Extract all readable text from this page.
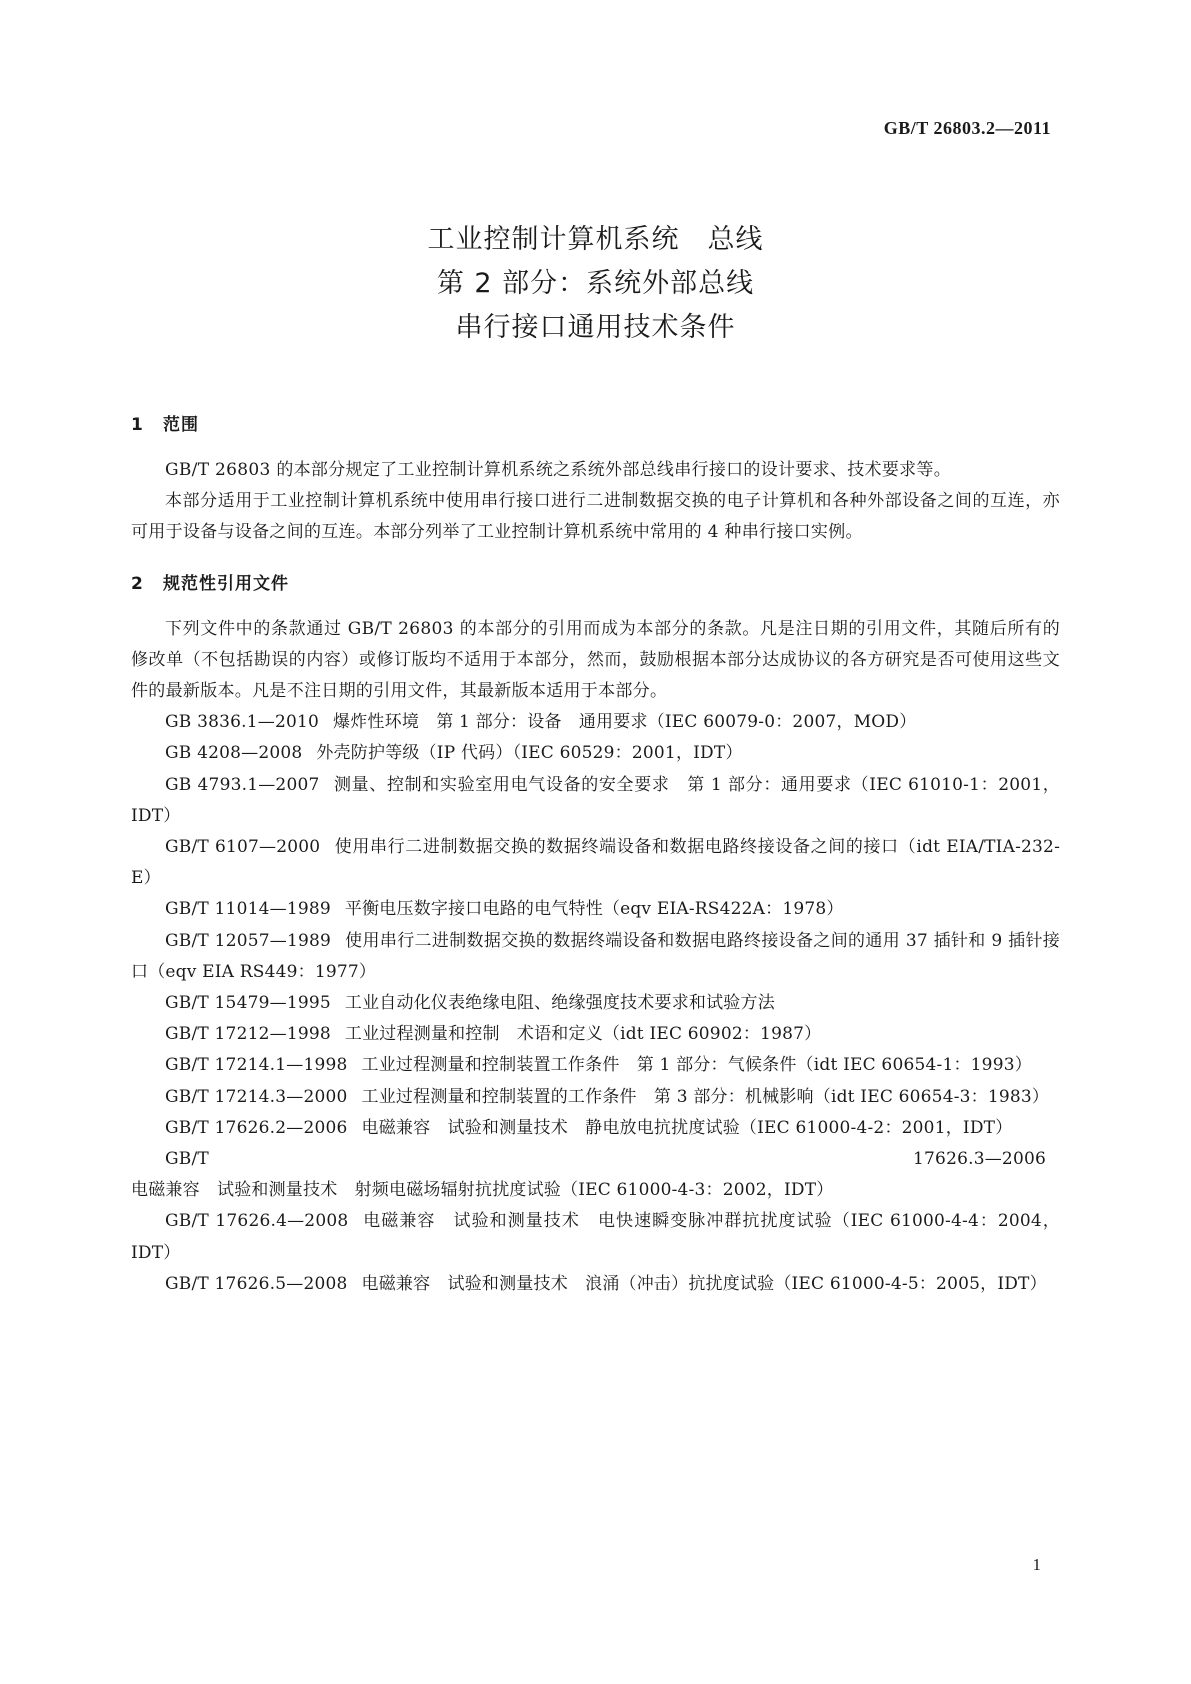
GB/T 26803.2—2011

工业控制计算机系统　总线

第 2 部分：系统外部总线

串行接口通用技术条件

1 范围

GB/T 26803 的本部分规定了工业控制计算机系统之系统外部总线串行接口的设计要求、技术要求等。

本部分适用于工业控制计算机系统中使用串行接口进行二进制数据交换的电子计算机和各种外部设备之间的互连，亦可用于设备与设备之间的互连。本部分列举了工业控制计算机系统中常用的 4 种串行接口实例。

2 规范性引用文件

下列文件中的条款通过 GB/T 26803 的本部分的引用而成为本部分的条款。凡是注日期的引用文件，其随后所有的修改单（不包括勘误的内容）或修订版均不适用于本部分，然而，鼓励根据本部分达成协议的各方研究是否可使用这些文件的最新版本。凡是不注日期的引用文件，其最新版本适用于本部分。

GB 3836.1—2010 爆炸性环境　第 1 部分：设备　通用要求（IEC 60079-0：2007，MOD）

GB 4208—2008 外壳防护等级（IP 代码）（IEC 60529：2001，IDT）

GB 4793.1—2007 测量、控制和实验室用电气设备的安全要求　第 1 部分：通用要求（IEC 61010-1：2001，IDT）

GB/T 6107—2000 使用串行二进制数据交换的数据终端设备和数据电路终接设备之间的接口（idt EIA/TIA-232-E）

GB/T 11014—1989 平衡电压数字接口电路的电气特性（eqv EIA-RS422A：1978）

GB/T 12057—1989 使用串行二进制数据交换的数据终端设备和数据电路终接设备之间的通用 37 插针和 9 插针接口（eqv EIA RS449：1977）

GB/T 15479—1995 工业自动化仪表绝缘电阻、绝缘强度技术要求和试验方法

GB/T 17212—1998 工业过程测量和控制　术语和定义（idt IEC 60902：1987）

GB/T 17214.1—1998 工业过程测量和控制装置工作条件　第 1 部分：气候条件（idt IEC 60654-1：1993）

GB/T 17214.3—2000 工业过程测量和控制装置的工作条件　第 3 部分：机械影响（idt IEC 60654-3：1983）

GB/T 17626.2—2006 电磁兼容　试验和测量技术　静电放电抗扰度试验（IEC 61000-4-2：2001，IDT）

GB/T 17626.3—2006电磁兼容　试验和测量技术　射频电磁场辐射抗扰度试验（IEC 61000-4-3：2002，IDT）

GB/T 17626.4—2008 电磁兼容　试验和测量技术　电快速瞬变脉冲群抗扰度试验（IEC 61000-4-4：2004，IDT）

GB/T 17626.5—2008 电磁兼容　试验和测量技术　浪涌（冲击）抗扰度试验（IEC 61000-4-5：2005，IDT）

1
